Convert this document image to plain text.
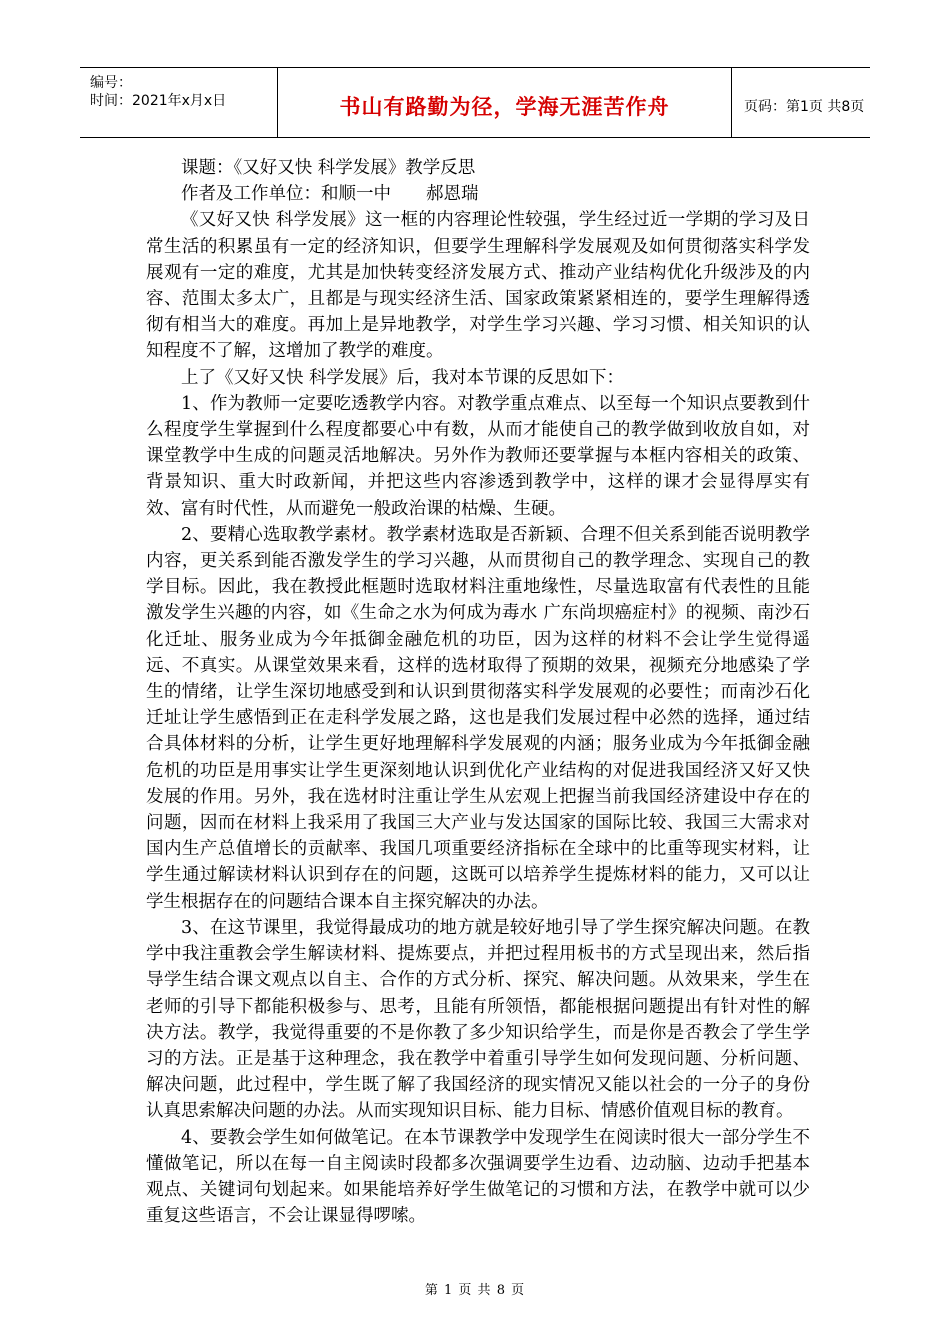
编号：
时间：2021年x月x日	书山有路勤为径，学海无涯苦作舟	页码：第1页 共8页

课题：《又好又快 科学发展》教学反思

作者及工作单位：和顺一中　　郝恩瑞

《又好又快 科学发展》这一框的内容理论性较强，学生经过近一学期的学习及日常生活的积累虽有一定的经济知识，但要学生理解科学发展观及如何贯彻落实科学发展观有一定的难度，尤其是加快转变经济发展方式、推动产业结构优化升级涉及的内容、范围太多太广，且都是与现实经济生活、国家政策紧紧相连的，要学生理解得透彻有相当大的难度。再加上是异地教学，对学生学习兴趣、学习习惯、相关知识的认知程度不了解，这增加了教学的难度。

上了《又好又快 科学发展》后，我对本节课的反思如下：

1、作为教师一定要吃透教学内容。对教学重点难点、以至每一个知识点要教到什么程度学生掌握到什么程度都要心中有数，从而才能使自己的教学做到收放自如，对课堂教学中生成的问题灵活地解决。另外作为教师还要掌握与本框内容相关的政策、背景知识、重大时政新闻，并把这些内容渗透到教学中，这样的课才会显得厚实有效、富有时代性，从而避免一般政治课的枯燥、生硬。

2、要精心选取教学素材。教学素材选取是否新颖、合理不但关系到能否说明教学内容，更关系到能否激发学生的学习兴趣，从而贯彻自己的教学理念、实现自己的教学目标。因此，我在教授此框题时选取材料注重地缘性，尽量选取富有代表性的且能激发学生兴趣的内容，如《生命之水为何成为毒水 广东尚坝癌症村》的视频、南沙石化迁址、服务业成为今年抵御金融危机的功臣，因为这样的材料不会让学生觉得遥远、不真实。从课堂效果来看，这样的选材取得了预期的效果，视频充分地感染了学生的情绪，让学生深切地感受到和认识到贯彻落实科学发展观的必要性；而南沙石化迁址让学生感悟到正在走科学发展之路，这也是我们发展过程中必然的选择，通过结合具体材料的分析，让学生更好地理解科学发展观的内涵；服务业成为今年抵御金融危机的功臣是用事实让学生更深刻地认识到优化产业结构的对促进我国经济又好又快发展的作用。另外，我在选材时注重让学生从宏观上把握当前我国经济建设中存在的问题，因而在材料上我采用了我国三大产业与发达国家的国际比较、我国三大需求对国内生产总值增长的贡献率、我国几项重要经济指标在全球中的比重等现实材料，让学生通过解读材料认识到存在的问题，这既可以培养学生提炼材料的能力，又可以让学生根据存在的问题结合课本自主探究解决的办法。

3、在这节课里，我觉得最成功的地方就是较好地引导了学生探究解决问题。在教学中我注重教会学生解读材料、提炼要点，并把过程用板书的方式呈现出来，然后指导学生结合课文观点以自主、合作的方式分析、探究、解决问题。从效果来，学生在老师的引导下都能积极参与、思考，且能有所领悟，都能根据问题提出有针对性的解决方法。教学，我觉得重要的不是你教了多少知识给学生，而是你是否教会了学生学习的方法。正是基于这种理念，我在教学中着重引导学生如何发现问题、分析问题、解决问题，此过程中，学生既了解了我国经济的现实情况又能以社会的一分子的身份认真思索解决问题的办法。从而实现知识目标、能力目标、情感价值观目标的教育。

4、要教会学生如何做笔记。在本节课教学中发现学生在阅读时很大一部分学生不懂做笔记，所以在每一自主阅读时段都多次强调要学生边看、边动脑、边动手把基本观点、关键词句划起来。如果能培养好学生做笔记的习惯和方法，在教学中就可以少重复这些语言，不会让课显得啰嗦。

第 1 页 共 8 页
